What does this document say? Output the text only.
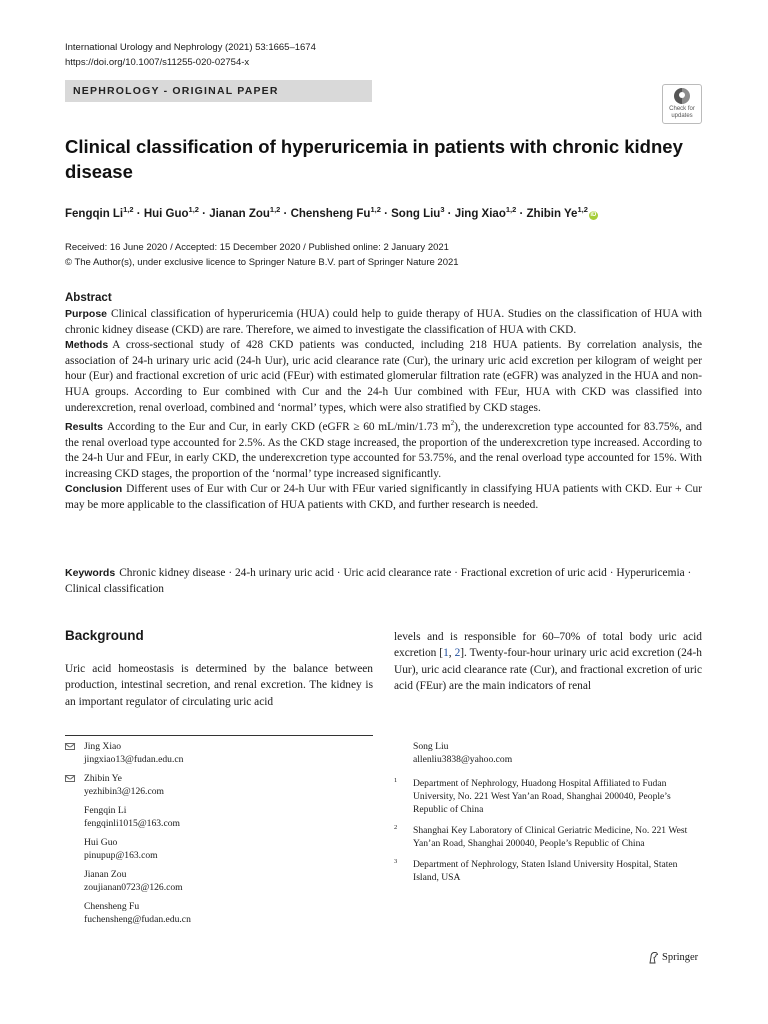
International Urology and Nephrology (2021) 53:1665–1674
https://doi.org/10.1007/s11255-020-02754-x
NEPHROLOGY - ORIGINAL PAPER
Check for
updates
Clinical classification of hyperuricemia in patients with chronic kidney disease
Fengqin Li$^{1,2}$ · Hui Guo$^{1,2}$ · Jianan Zou$^{1,2}$ · Chensheng Fu$^{1,2}$ · Song Liu$^3$ · Jing Xiao$^{1,2}$ · Zhibin Ye$^{1,2}$iD
Received: 16 June 2020 / Accepted: 15 December 2020 / Published online: 2 January 2021
© The Author(s), under exclusive licence to Springer Nature B.V. part of Springer Nature 2021
Abstract

Purpose Clinical classification of hyperuricemia (HUA) could help to guide therapy of HUA. Studies on the classification of HUA with chronic kidney disease (CKD) are rare. Therefore, we aimed to investigate the classification of HUA with CKD.

Methods A cross-sectional study of 428 CKD patients was conducted, including 218 HUA patients. By correlation analysis, the association of 24-h urinary uric acid (24-h Uur), uric acid clearance rate (Cur), the urinary uric acid excretion per kilogram of weight per hour (Eur) and fractional excretion of uric acid (FEur) with estimated glomerular filtration rate (eGFR) was analyzed in the HUA and non-HUA groups. According to Eur combined with Cur and the 24-h Uur combined with FEur, HUA with CKD was classified into underexcretion, renal overload, combined and ‘normal’ types, which were also stratified by CKD stages.

Results According to the Eur and Cur, in early CKD (eGFR ≥ 60 mL/min/1.73 $m^2$), the underexcretion type accounted for 83.75%, and the renal overload type accounted for 2.5%. As the CKD stage increased, the proportion of the underexcretion type increased. According to the 24-h Uur and FEur, in early CKD, the underexcretion type accounted for 53.75%, and the renal overload type accounted for 15%. With increasing CKD stages, the proportion of the ‘normal’ type increased significantly.

Conclusion Different uses of Eur with Cur or 24-h Uur with FEur varied significantly in classifying HUA patients with CKD. Eur + Cur may be more applicable to the classification of HUA patients with CKD, and further research is needed.

Keywords Chronic kidney disease · 24-h urinary uric acid · Uric acid clearance rate · Fractional excretion of uric acid · Hyperuricemia · Clinical classification
Background

Uric acid homeostasis is determined by the balance between production, intestinal secretion, and renal excretion. The kidney is an important regulator of circulating uric acid

levels and is responsible for 60–70% of total body uric acid excretion [1, 2]. Twenty-four-hour urinary uric acid excretion (24-h Uur), uric acid clearance rate (Cur), and fractional excretion of uric acid (FEur) are the main indicators of renal

Jing Xiao
jingxiao13@fudan.edu.cn
Zhibin Ye
yezhibin3@126.com
Fengqin Li
fengqinli1015@163.com
Hui Guo
pinupup@163.com
Jianan Zou
zoujianan0723@126.com
Chensheng Fu
fuchensheng@fudan.edu.cn
Song Liu
allenliu3838@yahoo.com
1 Department of Nephrology, Huadong Hospital Affiliated to Fudan University, No. 221 West Yan’an Road, Shanghai 200040, People’s Republic of China
2 Shanghai Key Laboratory of Clinical Geriatric Medicine, No. 221 West Yan’an Road, Shanghai 200040, People’s Republic of China
3 Department of Nephrology, Staten Island University Hospital, Staten Island, USA
Springer
